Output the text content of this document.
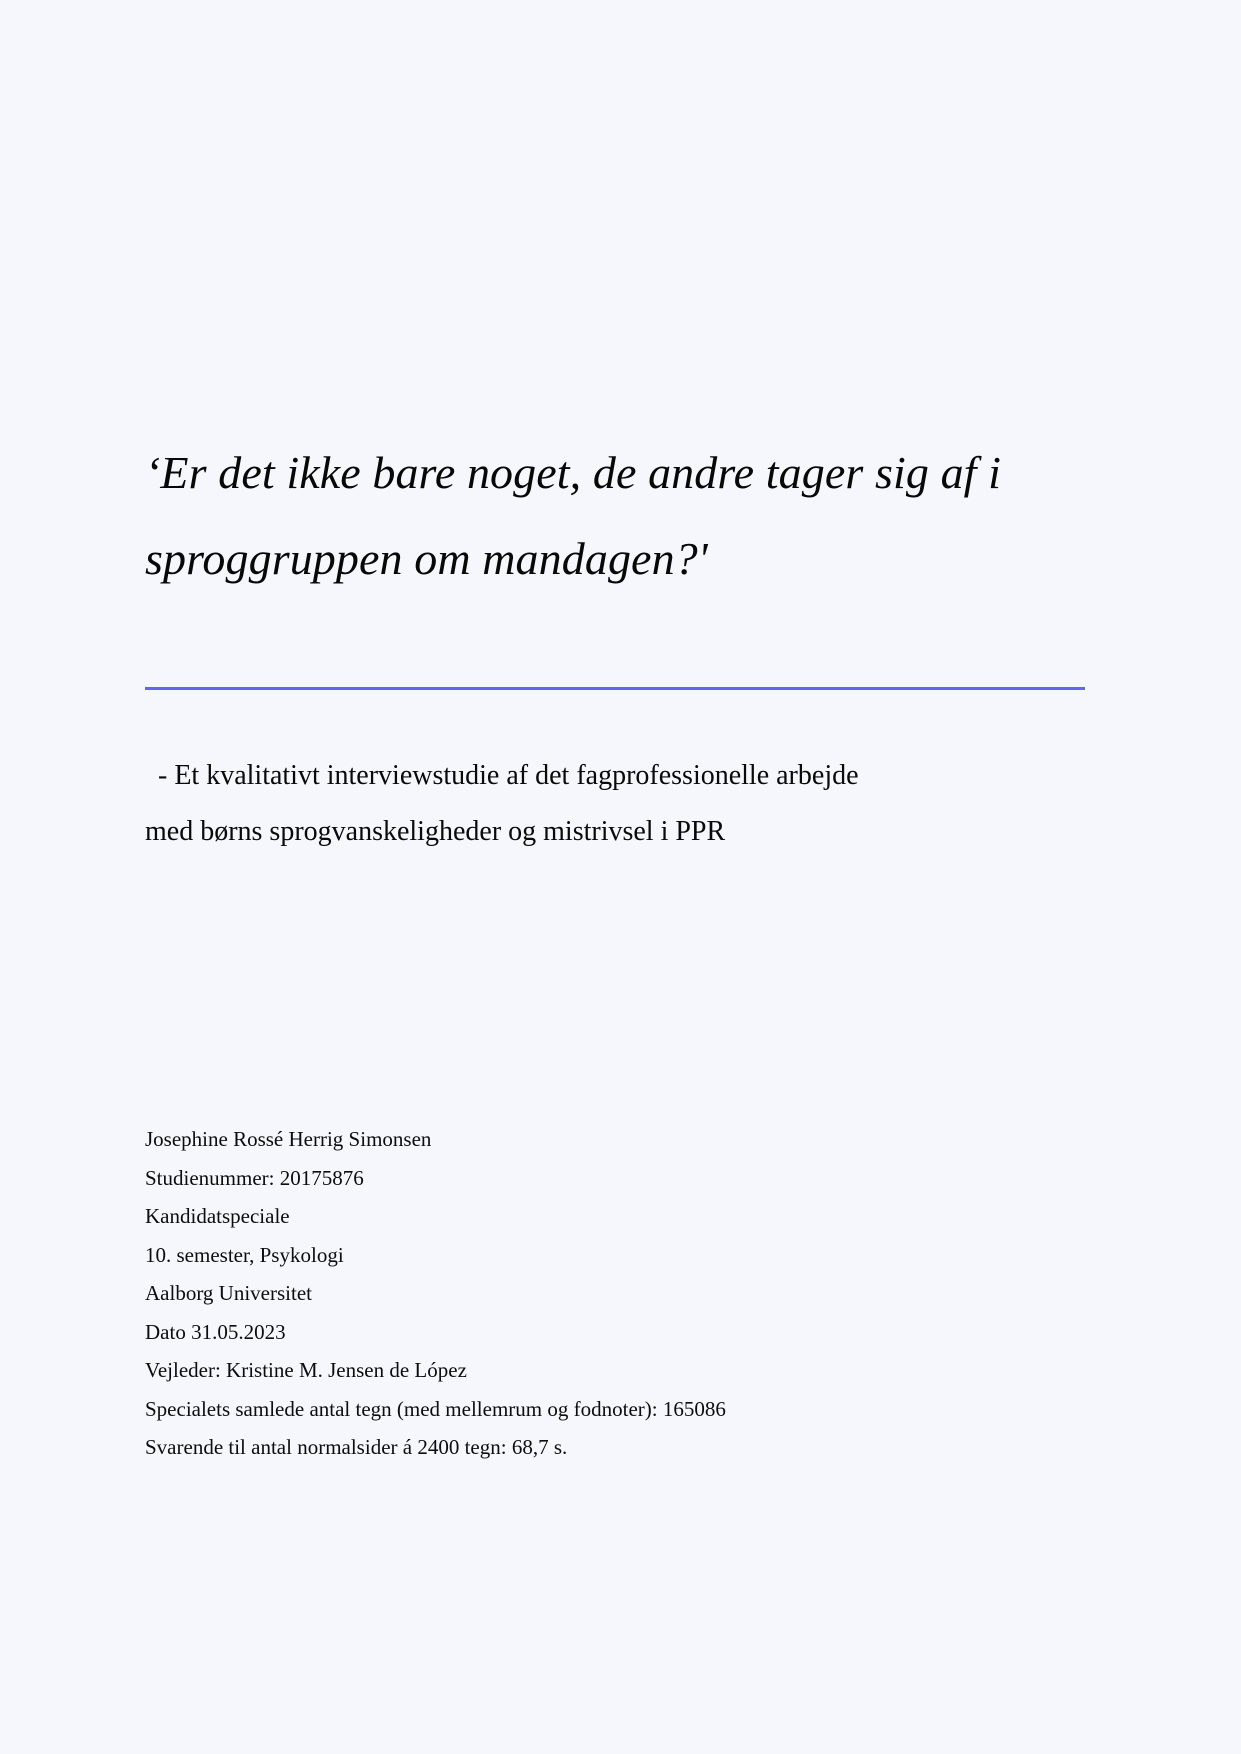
‘Er det ikke bare noget, de andre tager sig af i
sproggruppen om mandagen?'
- Et kvalitativt interviewstudie af det fagprofessionelle arbejde
med børns sprogvanskeligheder og mistrivsel i PPR
Josephine Rossé Herrig Simonsen
Studienummer: 20175876
Kandidatspeciale
10. semester, Psykologi
Aalborg Universitet
Dato 31.05.2023
Vejleder: Kristine M. Jensen de López
Specialets samlede antal tegn (med mellemrum og fodnoter): 165086
Svarende til antal normalsider á 2400 tegn: 68,7 s.
